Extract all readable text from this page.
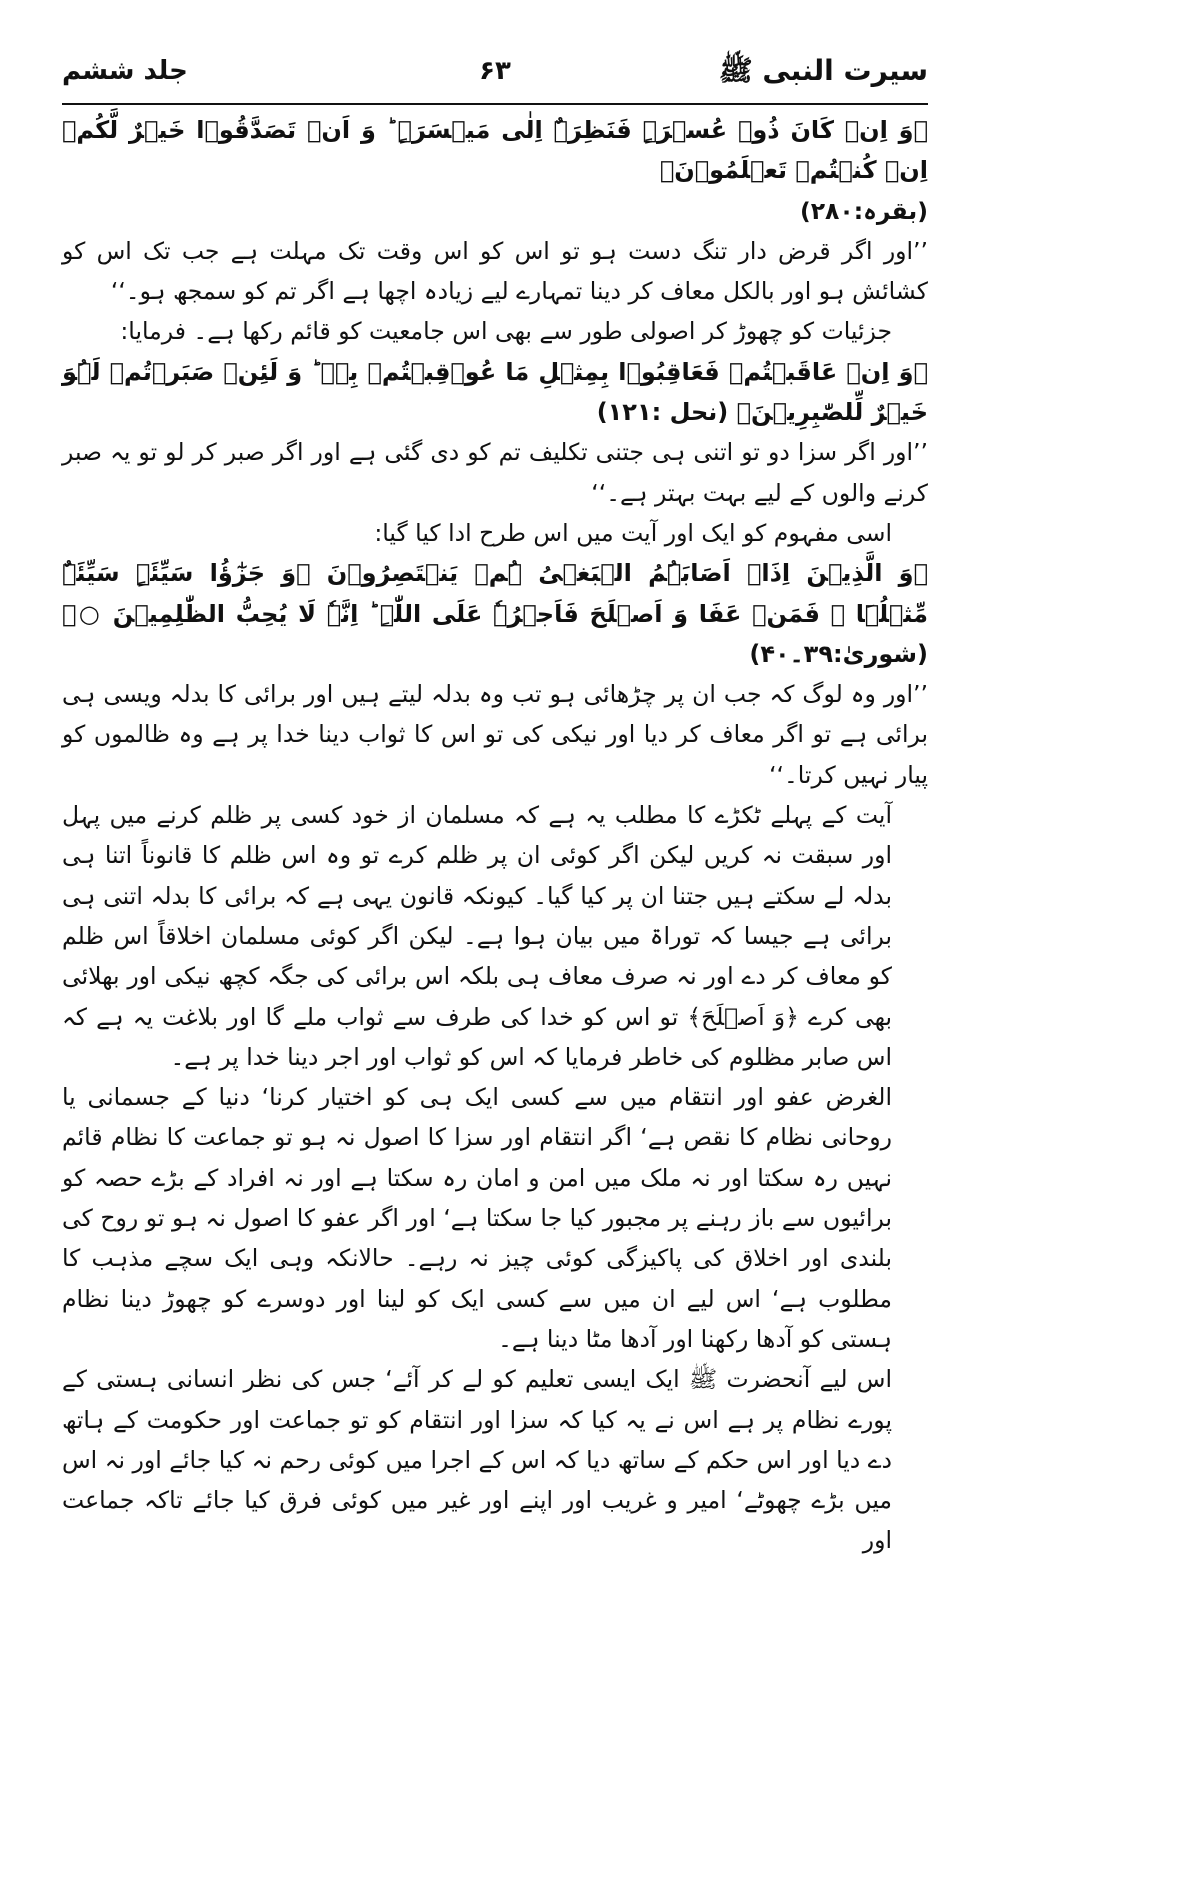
سیرت النبی ﷺ
۶۳
جلد ششم

﴿وَ اِنۡ کَانَ ذُوۡ عُسۡرَۃٍ فَنَظِرَۃٌ اِلٰی مَیۡسَرَۃٍ ؕ وَ اَنۡ تَصَدَّقُوۡا خَیۡرٌ لَّکُمۡ اِنۡ کُنۡتُمۡ تَعۡلَمُوۡنَ﴾

(بقرہ:۲۸۰)

’’اور اگر قرض دار تنگ دست ہو تو اس کو اس وقت تک مہلت ہے جب تک اس کو کشائش ہو اور بالکل معاف کر دینا تمہارے لیے زیادہ اچھا ہے اگر تم کو سمجھ ہو۔‘‘

جزئیات کو چھوڑ کر اصولی طور سے بھی اس جامعیت کو قائم رکھا ہے۔ فرمایا:

﴿وَ اِنۡ عَاقَبۡتُمۡ فَعَاقِبُوۡا بِمِثۡلِ مَا عُوۡقِبۡتُمۡ بِہٖ ؕ وَ لَئِنۡ صَبَرۡتُمۡ لَہُوَ خَیۡرٌ لِّلصّٰبِرِیۡنَ﴾ (نحل :۱۲۱)

’’اور اگر سزا دو تو اتنی ہی جتنی تکلیف تم کو دی گئی ہے اور اگر صبر کر لو تو یہ صبر کرنے والوں کے لیے بہت بہتر ہے۔‘‘

اسی مفہوم کو ایک اور آیت میں اس طرح ادا کیا گیا:

﴿وَ الَّذِیۡنَ اِذَاۤ اَصَابَہُمُ الۡبَغۡیُ ہُمۡ یَنۡتَصِرُوۡنَ ﴿وَ جَزٰٓؤُا سَیِّئَۃٍ سَیِّئَۃٌ مِّثۡلُہَا ۚ فَمَنۡ عَفَا وَ اَصۡلَحَ فَاَجۡرُہٗ عَلَی اللّٰہِ ؕ اِنَّہٗ لَا یُحِبُّ الظّٰلِمِیۡنَ ○﴾ (شوریٰ:۳۹۔۴۰)

’’اور وہ لوگ کہ جب ان پر چڑھائی ہو تب وہ بدلہ لیتے ہیں اور برائی کا بدلہ ویسی ہی برائی ہے تو اگر معاف کر دیا اور نیکی کی تو اس کا ثواب دینا خدا پر ہے وہ ظالموں کو پیار نہیں کرتا۔‘‘

آیت کے پہلے ٹکڑے کا مطلب یہ ہے کہ مسلمان از خود کسی پر ظلم کرنے میں پہل اور سبقت نہ کریں لیکن اگر کوئی ان پر ظلم کرے تو وہ اس ظلم کا قانوناً اتنا ہی بدلہ لے سکتے ہیں جتنا ان پر کیا گیا۔ کیونکہ قانون یہی ہے کہ برائی کا بدلہ اتنی ہی برائی ہے جیسا کہ توراۃ میں بیان ہوا ہے۔ لیکن اگر کوئی مسلمان اخلاقاً اس ظلم کو معاف کر دے اور نہ صرف معاف ہی بلکہ اس برائی کی جگہ کچھ نیکی اور بھلائی بھی کرے ﴿وَ اَصۡلَحَ﴾ تو اس کو خدا کی طرف سے ثواب ملے گا اور بلاغت یہ ہے کہ اس صابر مظلوم کی خاطر فرمایا کہ اس کو ثواب اور اجر دینا خدا پر ہے۔

الغرض عفو اور انتقام میں سے کسی ایک ہی کو اختیار کرنا‘ دنیا کے جسمانی یا روحانی نظام کا نقص ہے‘ اگر انتقام اور سزا کا اصول نہ ہو تو جماعت کا نظام قائم نہیں رہ سکتا اور نہ ملک میں امن و امان رہ سکتا ہے اور نہ افراد کے بڑے حصہ کو برائیوں سے باز رہنے پر مجبور کیا جا سکتا ہے‘ اور اگر عفو کا اصول نہ ہو تو روح کی بلندی اور اخلاق کی پاکیزگی کوئی چیز نہ رہے۔ حالانکہ وہی ایک سچے مذہب کا مطلوب ہے‘ اس لیے ان میں سے کسی ایک کو لینا اور دوسرے کو چھوڑ دینا نظام ہستی کو آدھا رکھنا اور آدھا مٹا دینا ہے۔

اس لیے آنحضرت ﷺ ایک ایسی تعلیم کو لے کر آئے‘ جس کی نظر انسانی ہستی کے پورے نظام پر ہے اس نے یہ کیا کہ سزا اور انتقام کو تو جماعت اور حکومت کے ہاتھ دے دیا اور اس حکم کے ساتھ دیا کہ اس کے اجرا میں کوئی رحم نہ کیا جائے اور نہ اس میں بڑے چھوٹے‘ امیر و غریب اور اپنے اور غیر میں کوئی فرق کیا جائے تاکہ جماعت اور
